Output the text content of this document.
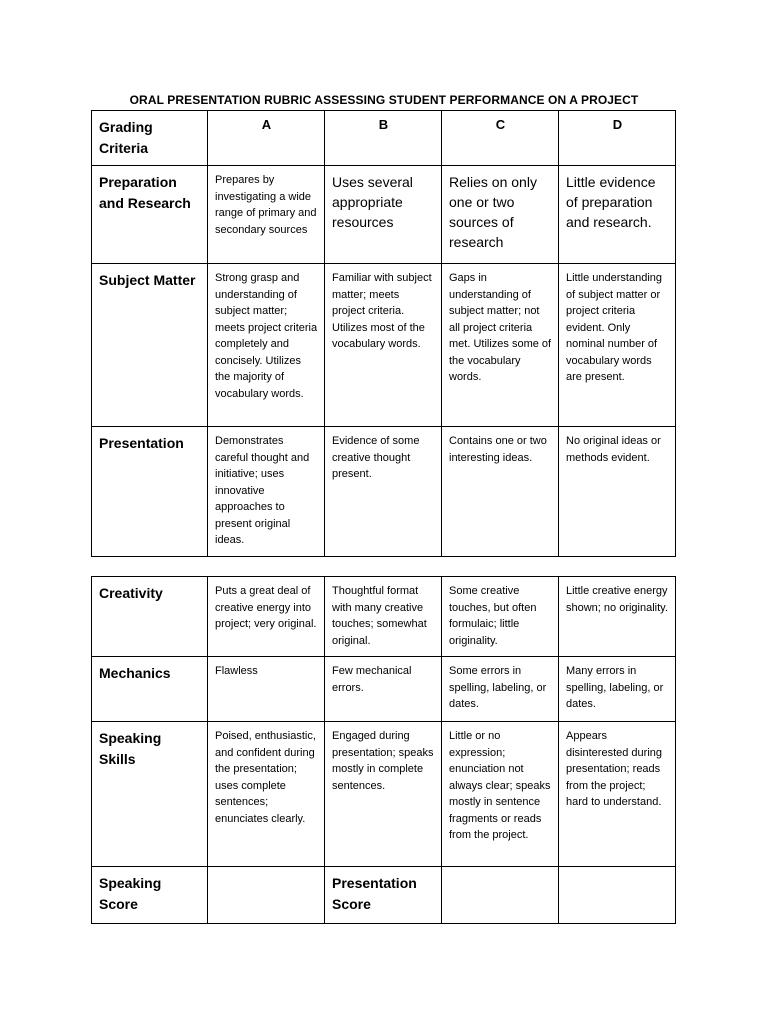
ORAL PRESENTATION RUBRIC ASSESSING STUDENT PERFORMANCE ON A PROJECT
Grading Criteria	A	B	C	D
Preparation and Research	Prepares by investigating a wide range of primary and secondary sources	Uses several appropriate resources	Relies on only one or two sources of research	Little evidence of preparation and research.
Subject Matter	Strong grasp and understanding of subject matter; meets project criteria completely and concisely. Utilizes the majority of vocabulary words.	Familiar with subject matter; meets project criteria. Utilizes most of the vocabulary words.	Gaps in understanding of subject matter; not all project criteria met. Utilizes some of the vocabulary words.	Little understanding of subject matter or project criteria evident. Only nominal number of vocabulary words are present.
Presentation	Demonstrates careful thought and initiative; uses innovative approaches to present original ideas.	Evidence of some creative thought present.	Contains one or two interesting ideas.	No original ideas or methods evident.
Creativity	Puts a great deal of creative energy into project; very original.	Thoughtful format with many creative touches; somewhat original.	Some creative touches, but often formulaic; little originality.	Little creative energy shown; no originality.
Mechanics	Flawless	Few mechanical errors.	Some errors in spelling, labeling, or dates.	Many errors in spelling, labeling, or dates.
Speaking Skills	Poised, enthusiastic, and confident during the presentation; uses complete sentences; enunciates clearly.	Engaged during presentation; speaks mostly in complete sentences.	Little or no expression; enunciation not always clear; speaks mostly in sentence fragments or reads from the project.	Appears disinterested during presentation; reads from the project; hard to understand.
Speaking Score		Presentation Score		
